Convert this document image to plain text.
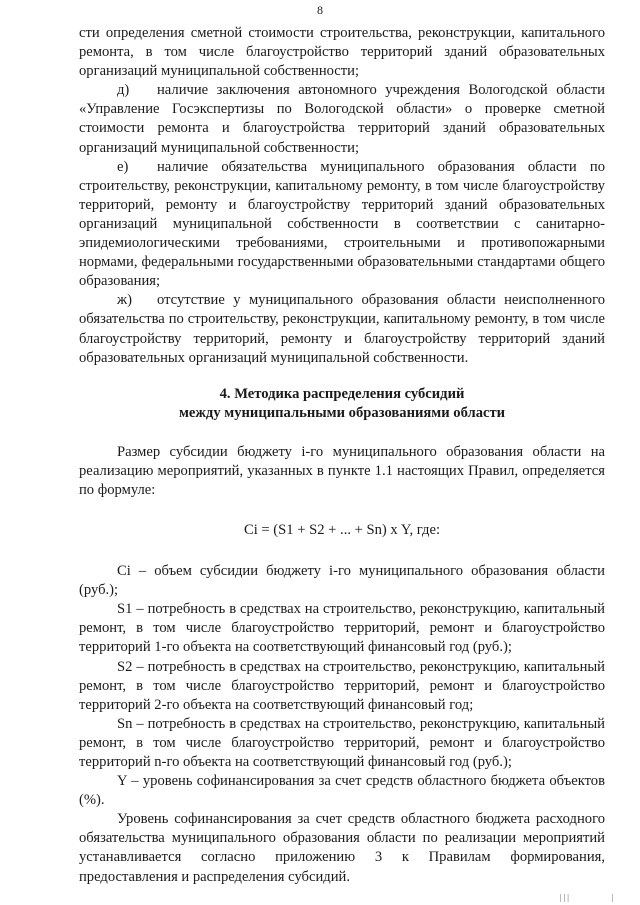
8

сти определения сметной стоимости строительства, реконструкции, капитального ремонта, в том числе благоустройство территорий зданий образовательных организаций муниципальной собственности;

д) наличие заключения автономного учреждения Вологодской области «Управление Госэкспертизы по Вологодской области» о проверке сметной стоимости ремонта и благоустройства территорий зданий образовательных организаций муниципальной собственности;

е) наличие обязательства муниципального образования области по строительству, реконструкции, капитальному ремонту, в том числе благоустройству территорий, ремонту и благоустройству территорий зданий образовательных организаций муниципальной собственности в соответствии с санитарно-эпидемиологическими требованиями, строительными и противопожарными нормами, федеральными государственными образовательными стандартами общего образования;

ж) отсутствие у муниципального образования области неисполненного обязательства по строительству, реконструкции, капитальному ремонту, в том числе благоустройству территорий, ремонту и благоустройству территорий зданий образовательных организаций муниципальной собственности.

4. Методика распределения субсидий
между муниципальными образованиями области

Размер субсидии бюджету i-го муниципального образования области на реализацию мероприятий, указанных в пункте 1.1 настоящих Правил, определяется по формуле:

Ci = (S1 + S2 + ... + Sn) x Y, где:

Ci – объем субсидии бюджету i-го муниципального образования области (руб.);

S1 – потребность в средствах на строительство, реконструкцию, капитальный ремонт, в том числе благоустройство территорий, ремонт и благоустройство территорий 1-го объекта на соответствующий финансовый год (руб.);

S2 – потребность в средствах на строительство, реконструкцию, капитальный ремонт, в том числе благоустройство территорий, ремонт и благоустройство территорий 2-го объекта на соответствующий финансовый год;

Sn – потребность в средствах на строительство, реконструкцию, капитальный ремонт, в том числе благоустройство территорий, ремонт и благоустройство территорий n-го объекта на соответствующий финансовый год (руб.);

Y – уровень софинансирования за счет средств областного бюджета объектов (%).

Уровень софинансирования за счет средств областного бюджета расходного обязательства муниципального образования области по реализации мероприятий устанавливается согласно приложению 3 к Правилам формирования, предоставления и распределения субсидий.

| | |	|
